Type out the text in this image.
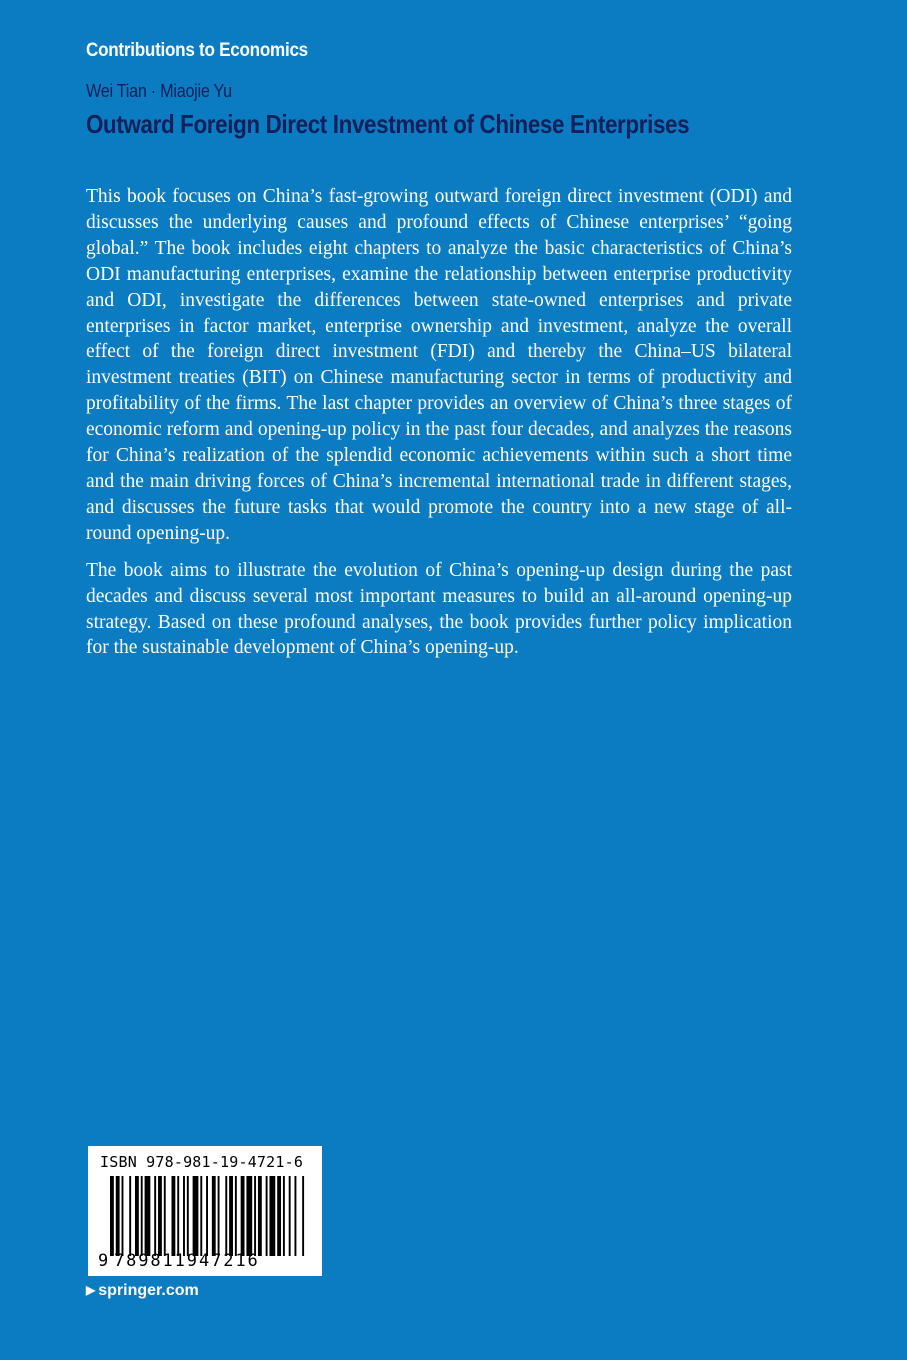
Contributions to Economics
Wei Tian · Miaojie Yu
Outward Foreign Direct Investment of Chinese Enterprises

This book focuses on China’s fast-growing outward foreign direct investment (ODI) and discusses the underlying causes and profound effects of Chinese enterprises’ “going global.” The book includes eight chapters to analyze the basic characteristics of China’s ODI manufacturing enterprises, examine the relationship between enterprise productivity and ODI, investigate the differences between state-owned enterprises and private enterprises in factor market, enterprise ownership and investment, analyze the overall effect of the foreign direct investment (FDI) and thereby the China–US bilateral investment treaties (BIT) on Chinese manufacturing sector in terms of productivity and profitability of the firms. The last chapter provides an overview of China’s three stages of economic reform and opening-up policy in the past four decades, and analyzes the reasons for China’s realization of the splendid economic achievements within such a short time and the main driving forces of China’s incremental international trade in different stages, and discusses the future tasks that would promote the country into a new stage of all-round opening-up.

The book aims to illustrate the evolution of China’s opening-up design during the past decades and discuss several most important measures to build an all-around opening-up strategy. Based on these profound analyses, the book provides further policy implication for the sustainable development of China’s opening-up.

ISBN 978-981-19-4721-6
9 789811947216
▶ springer.com
